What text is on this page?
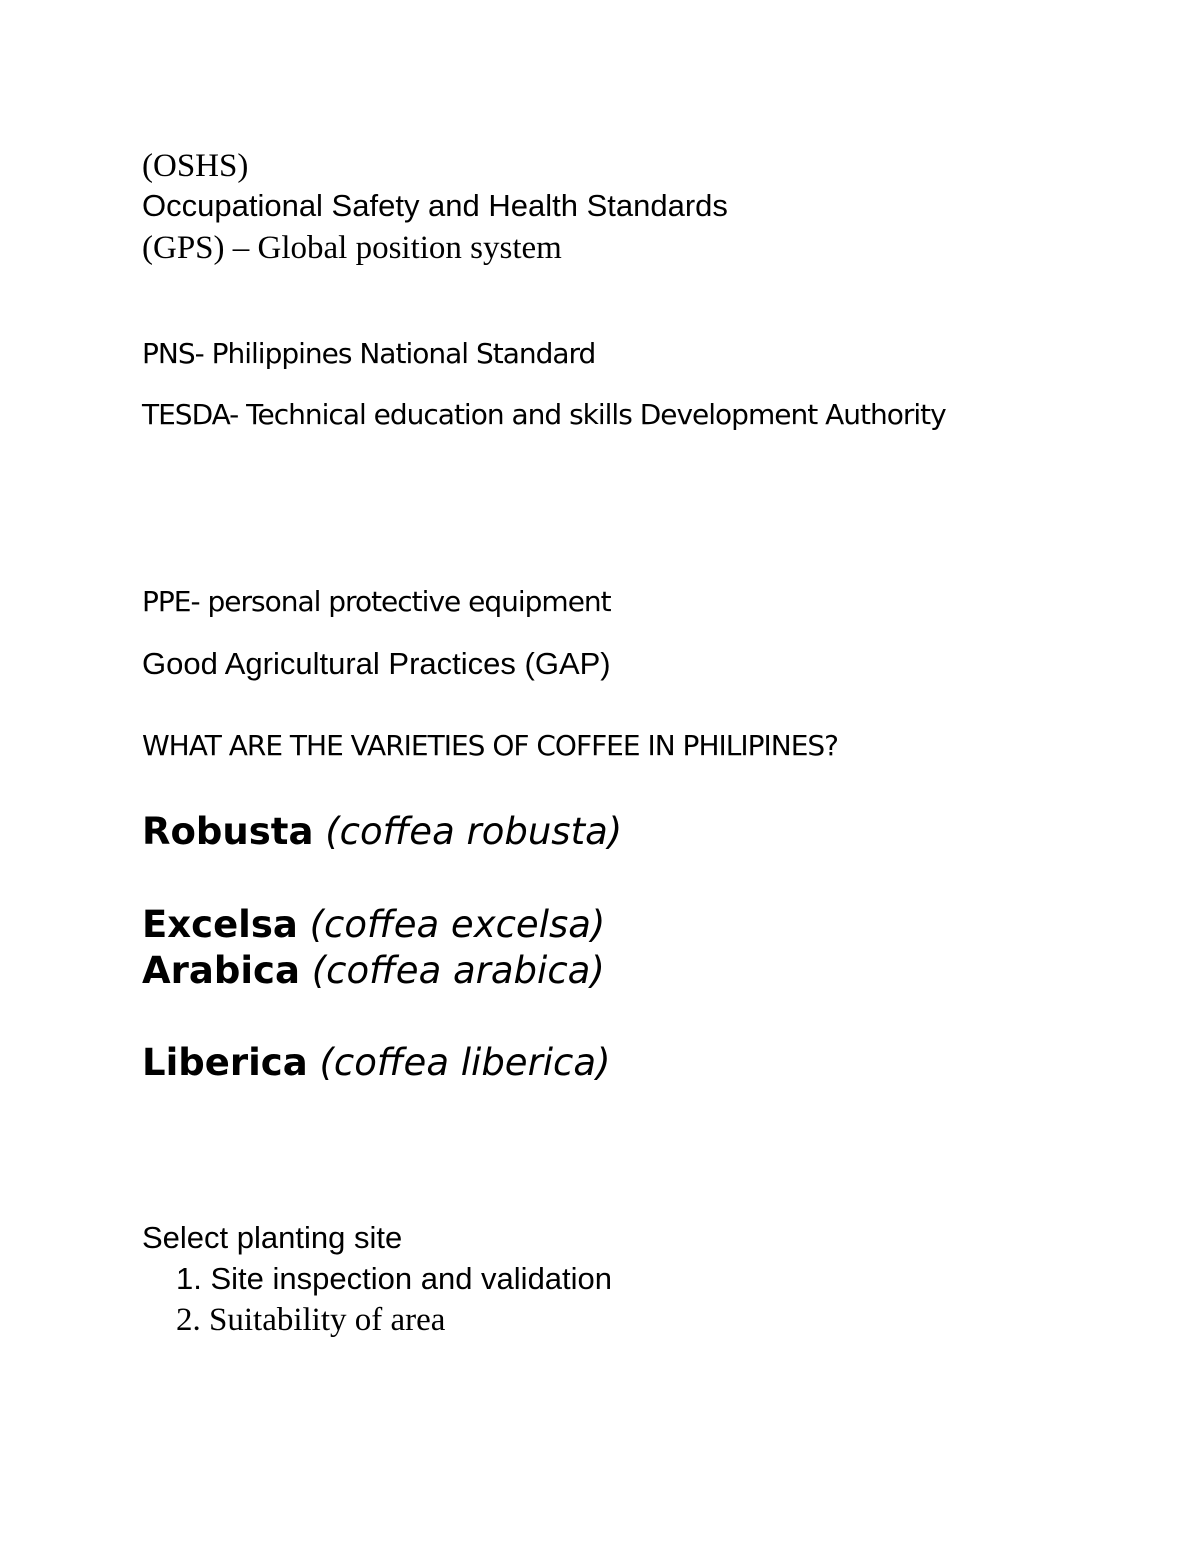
(OSHS)
Occupational Safety and Health Standards
(GPS) – Global position system
PNS- Philippines National Standard
TESDA- Technical education and skills Development Authority
PPE- personal protective equipment
Good Agricultural Practices (GAP)
WHAT ARE THE VARIETIES OF COFFEE IN PHILIPINES?
Robusta (coffea robusta)
Excelsa (coffea excelsa)
Arabica (coffea arabica)
Liberica (coffea liberica)
Select planting site
1. Site inspection and validation
2. Suitability of area
